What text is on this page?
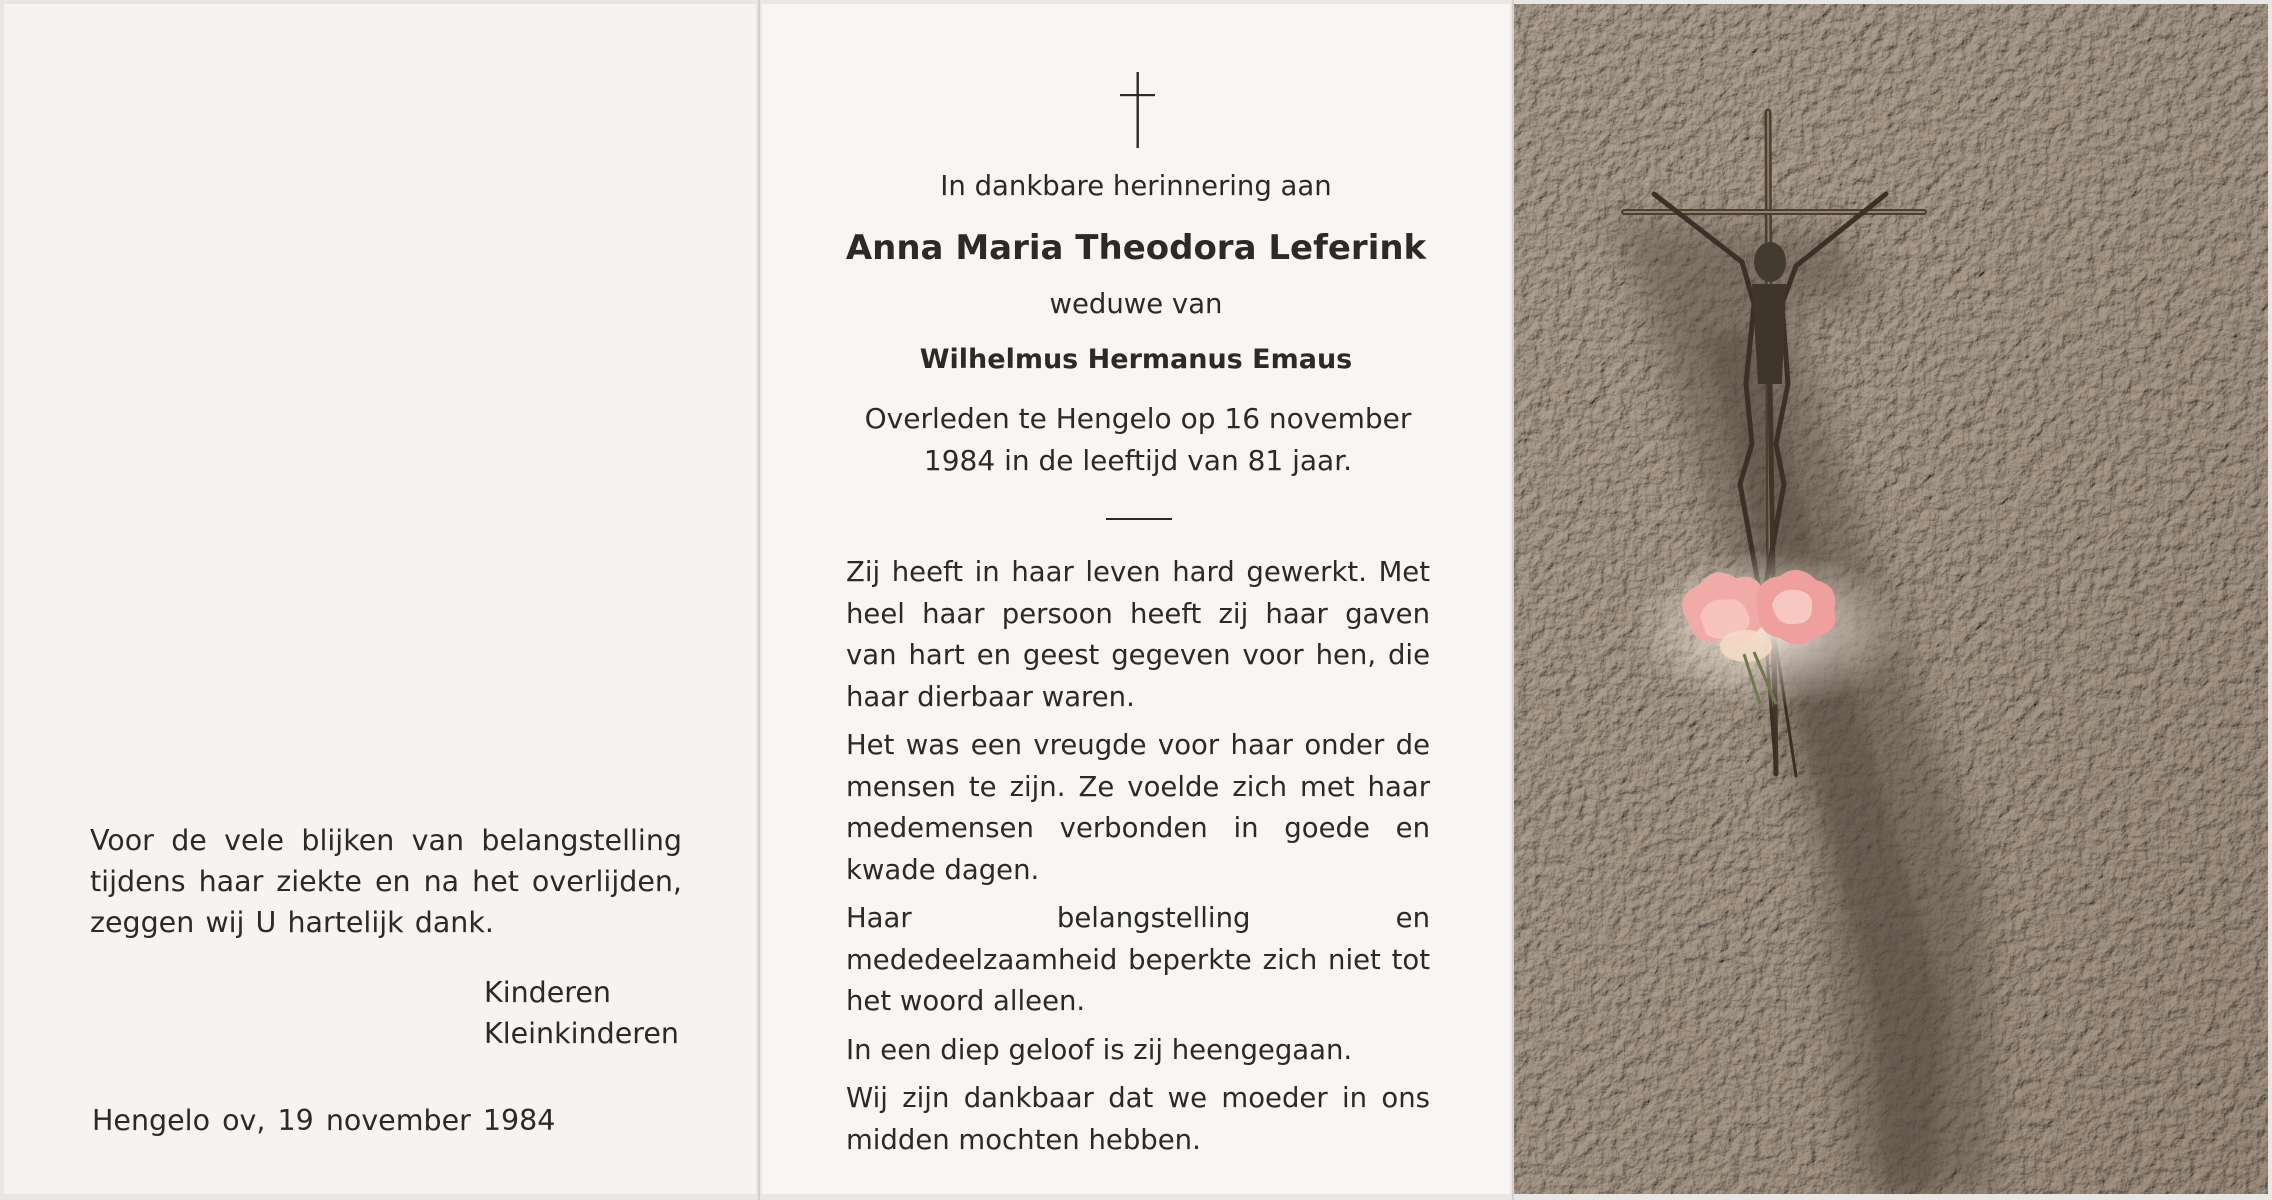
Voor de vele blijken van belangstelling tijdens haar ziekte en na het overlijden, zeggen wij U hartelijk dank.

Kinderen
Kleinkinderen
Hengelo ov, 19 november 1984
In dankbare herinnering aan
Anna Maria Theodora Leferink
weduwe van
Wilhelmus Hermanus Emaus
Overleden te Hengelo op 16 november 1984 in de leeftijd van 81 jaar.

Zij heeft in haar leven hard gewerkt. Met heel haar persoon heeft zij haar gaven van hart en geest gegeven voor hen, die haar dierbaar waren.

Het was een vreugde voor haar onder de mensen te zijn. Ze voelde zich met haar medemensen verbonden in goede en kwade dagen.

Haar belangstelling en mededeelzaamheid beperkte zich niet tot het woord alleen.

In een diep geloof is zij heengegaan.

Wij zijn dankbaar dat we moeder in ons midden mochten hebben.
